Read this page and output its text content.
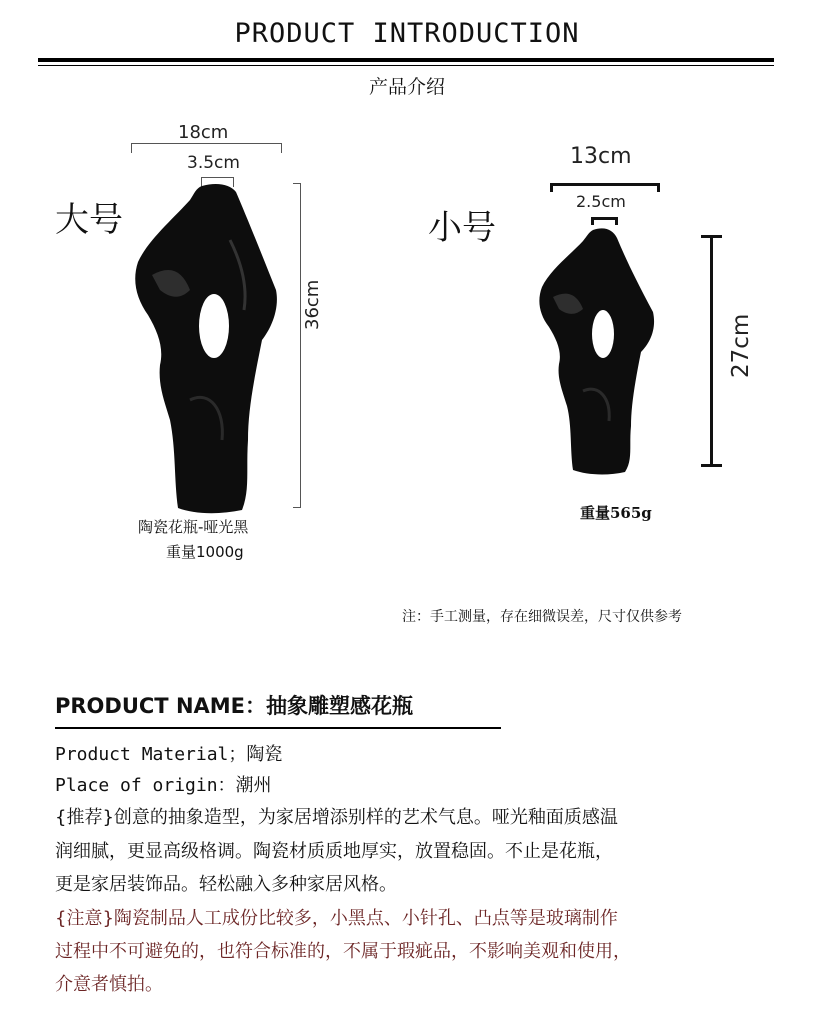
PRODUCT INTRODUCTION
产品介绍
大号
18cm
3.5cm
36cm
陶瓷花瓶-哑光黑
重量1000g
小号
13cm
2.5cm
27cm
重量565g
注：手工测量，存在细微误差，尺寸仅供参考
PRODUCT NAME：抽象雕塑感花瓶
Product Material；陶瓷
Place of origin：潮州
{推荐}创意的抽象造型，为家居增添别样的艺术气息。哑光釉面质感温
润细腻，更显高级格调。陶瓷材质质地厚实，放置稳固。不止是花瓶，
更是家居装饰品。轻松融入多种家居风格。
{注意}陶瓷制品人工成份比较多，小黑点、小针孔、凸点等是玻璃制作
过程中不可避免的，也符合标准的，不属于瑕疵品，不影响美观和使用，
介意者慎拍。
